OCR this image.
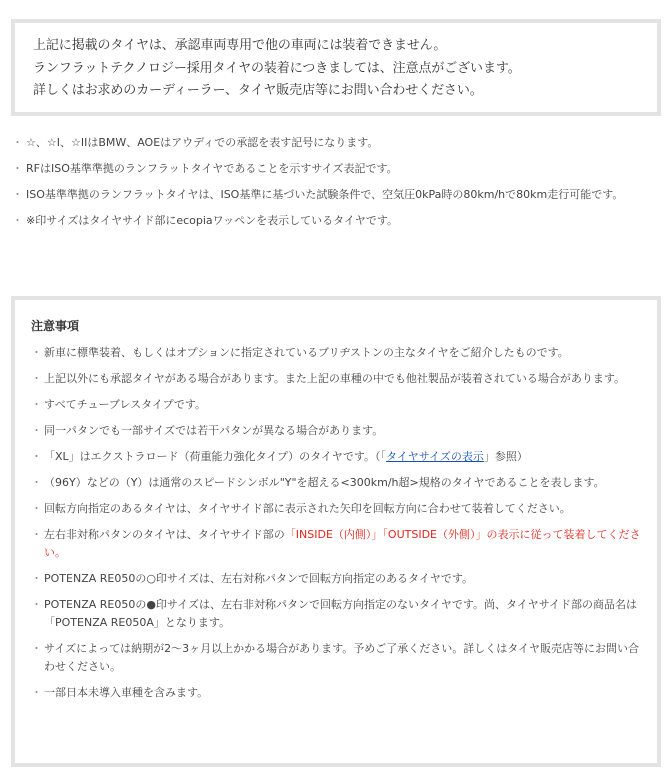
上記に掲載のタイヤは、承認車両専用で他の車両には装着できません。

ランフラットテクノロジー採用タイヤの装着につきましては、注意点がございます。

詳しくはお求めのカーディーラー、タイヤ販売店等にお問い合わせください。

・ ☆、☆I、☆IIはBMW、AOEはアウディでの承認を表す記号になります。
・ RFはISO基準準拠のランフラットタイヤであることを示すサイズ表記です。
・ ISO基準準拠のランフラットタイヤは、ISO基準に基づいた試験条件で、空気圧0kPa時の80km/hで80km走行可能です。
・ ※印サイズはタイヤサイド部にecopiaワッペンを表示しているタイヤです。
注意事項
・ 新車に標準装着、もしくはオプションに指定されているブリヂストンの主なタイヤをご紹介したものです。
・ 上記以外にも承認タイヤがある場合があります。また上記の車種の中でも他社製品が装着されている場合があります。
・ すべてチューブレスタイプです。
・ 同一パタンでも一部サイズでは若干パタンが異なる場合があります。
・ 「XL」はエクストラロード（荷重能力強化タイプ）のタイヤです。（「タイヤサイズの表示」参照）
・ （96Y）などの（Y）は通常のスピードシンボル"Y"を超える<300km/h超>規格のタイヤであることを表します。
・ 回転方向指定のあるタイヤは、タイヤサイド部に表示された矢印を回転方向に合わせて装着してください。
・ 左右非対称パタンのタイヤは、タイヤサイド部の「INSIDE（内側）」「OUTSIDE（外側）」の表示に従って装着してください。
・ POTENZA RE050の○印サイズは、左右対称パタンで回転方向指定のあるタイヤです。
・ POTENZA RE050の●印サイズは、左右非対称パタンで回転方向指定のないタイヤです。尚、タイヤサイド部の商品名は「POTENZA RE050A」となります。
・ サイズによっては納期が2〜3ヶ月以上かかる場合があります。予めご了承ください。詳しくはタイヤ販売店等にお問い合わせください。
・ 一部日本未導入車種を含みます。
